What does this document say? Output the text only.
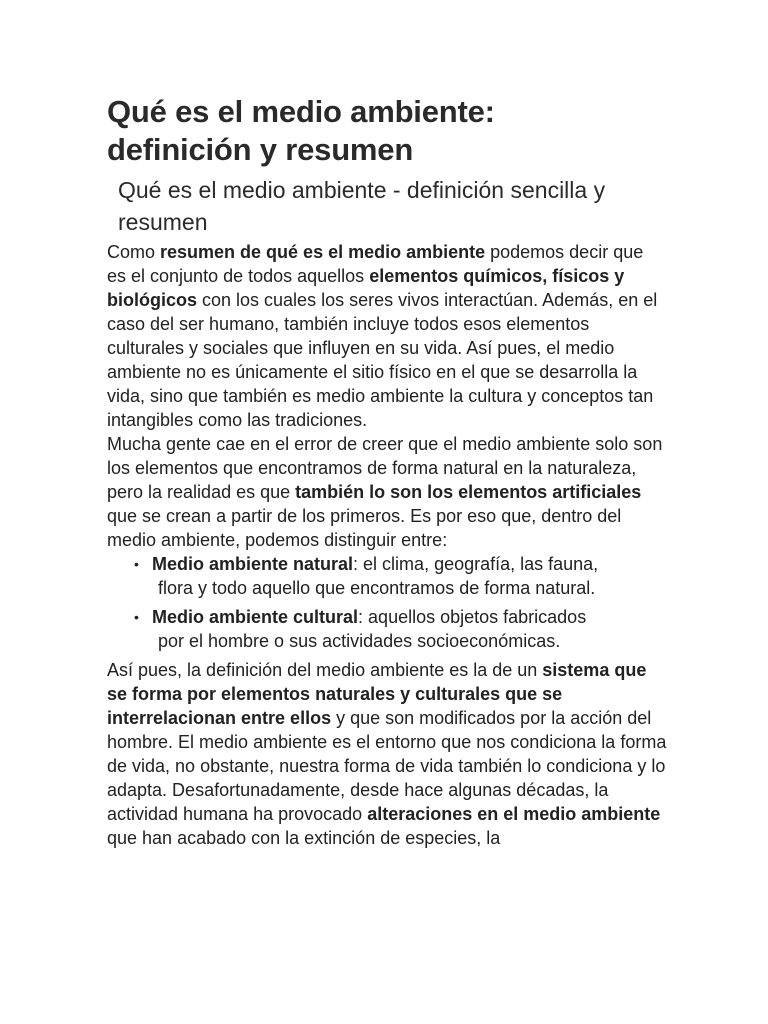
Qué es el medio ambiente:
definición y resumen
Qué es el medio ambiente - definición sencilla y resumen

Como resumen de qué es el medio ambiente podemos decir que es el conjunto de todos aquellos elementos químicos, físicos y biológicos con los cuales los seres vivos interactúan. Además, en el caso del ser humano, también incluye todos esos elementos culturales y sociales que influyen en su vida. Así pues, el medio ambiente no es únicamente el sitio físico en el que se desarrolla la vida, sino que también es medio ambiente la cultura y conceptos tan intangibles como las tradiciones.

Mucha gente cae en el error de creer que el medio ambiente solo son los elementos que encontramos de forma natural en la naturaleza, pero la realidad es que también lo son los elementos artificiales que se crean a partir de los primeros. Es por eso que, dentro del medio ambiente, podemos distinguir entre:

• Medio ambiente natural: el clima, geografía, las fauna,
flora y todo aquello que encontramos de forma natural.
• Medio ambiente cultural: aquellos objetos fabricados
por el hombre o sus actividades socioeconómicas.

Así pues, la definición del medio ambiente es la de un sistema que se forma por elementos naturales y culturales que se interrelacionan entre ellos y que son modificados por la acción del hombre. El medio ambiente es el entorno que nos condiciona la forma de vida, no obstante, nuestra forma de vida también lo condiciona y lo adapta. Desafortunadamente, desde hace algunas décadas, la actividad humana ha provocado alteraciones en el medio ambiente que han acabado con la extinción de especies, la
